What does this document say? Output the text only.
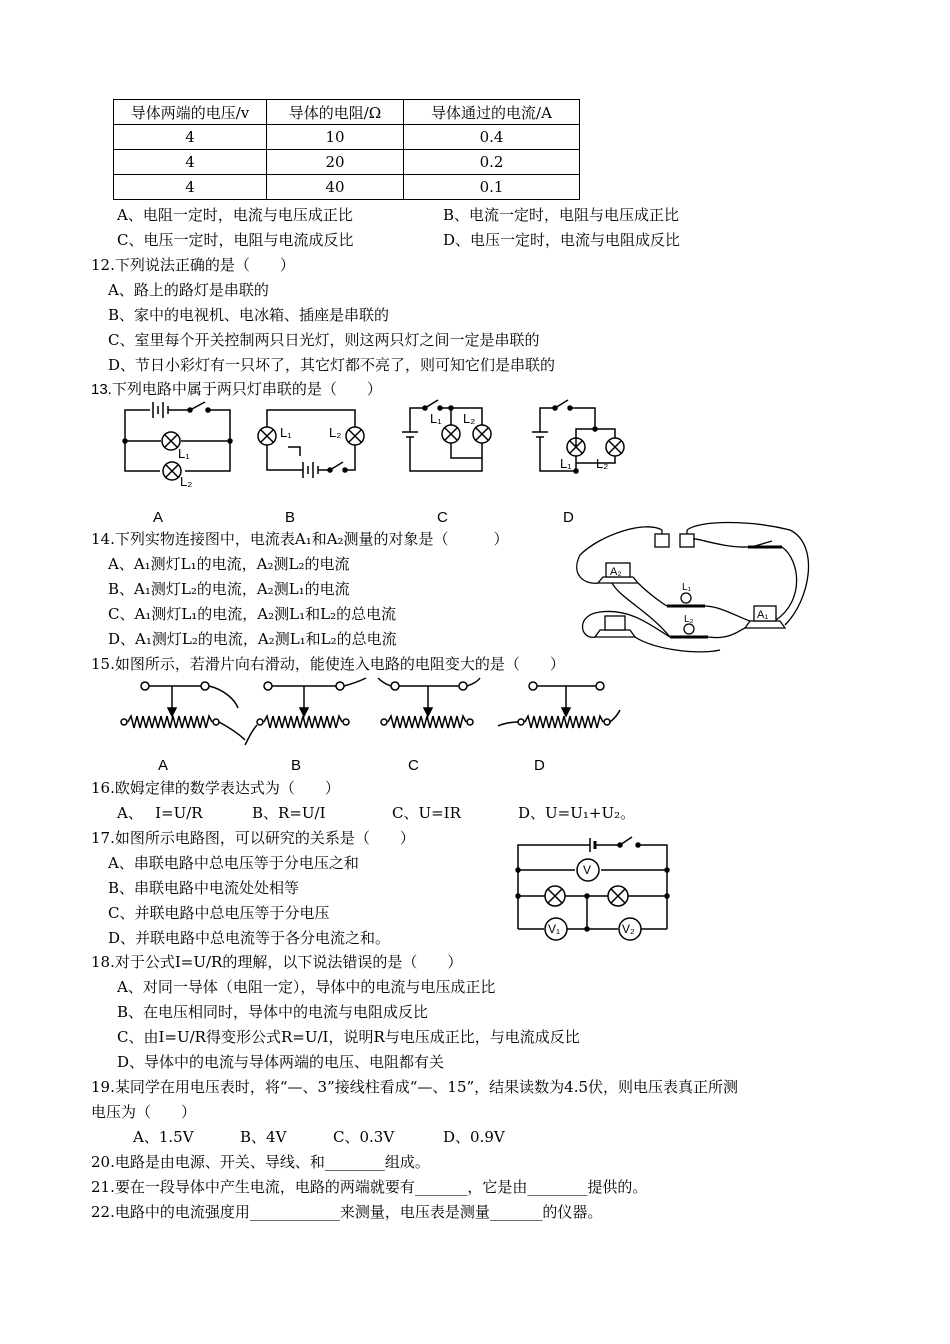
导体两端的电压/v	导体的电阻/Ω	导体通过的电流/A
4	10	0.4
4	20	0.2
4	40	0.1
A、电阻一定时，电流与电压成正比	B、电流一定时，电阻与电压成正比
C、电压一定时，电阻与电流成反比	D、电压一定时，电流与电阻成反比
12.下列说法正确的是（　　）
A、路上的路灯是串联的
B、家中的电视机、电冰箱、插座是串联的
C、室里每个开关控制两只日光灯，则这两只灯之间一定是串联的
D、节日小彩灯有一只坏了，其它灯都不亮了，则可知它们是串联的
13.下列电路中属于两只灯串联的是（　　）
L₁
L₂
L₁	L₂
L₁ L₂
L₁ L₂
A	B	C	D
14.下列实物连接图中，电流表A₁和A₂测量的对象是（　　　）
A、A₁测灯L₁的电流，A₂测L₂的电流
B、A₁测灯L₂的电流，A₂测L₁的电流
C、A₁测灯L₁的电流，A₂测L₁和L₂的总电流
D、A₁测灯L₂的电流，A₂测L₁和L₂的总电流
A₂
A₁
L₁
L₂
15.如图所示，若滑片向右滑动，能使连入电路的电阻变大的是（　　）
A	B	C	D
16.欧姆定律的数学表达式为（　　）
A、　 I=U/R	B、R=U/I	C、U=IR	D、U=U₁+U₂。
17.如图所示电路图，可以研究的关系是（　　）
A、串联电路中总电压等于分电压之和
B、串联电路中电流处处相等
C、并联电路中总电压等于分电压
D、并联电路中总电流等于各分电流之和。
V
V₁	V₂
18.对于公式I=U/R的理解，以下说法错误的是（　　）
A、对同一导体（电阻一定），导体中的电流与电压成正比
B、在电压相同时，导体中的电流与电阻成反比
C、由I=U/R得变形公式R=U/I，说明R与电压成正比，与电流成反比
D、导体中的电流与导体两端的电压、电阻都有关
19.某同学在用电压表时，将“—、3”接线柱看成“—、15”，结果读数为4.5伏，则电压表真正所测
电压为（　　）
A、1.5V	B、4V	C、0.3V	D、0.9V
20.电路是由电源、开关、导线、和________组成。
21.要在一段导体中产生电流，电路的两端就要有_______，它是由________提供的。
22.电路中的电流强度用____________来测量，电压表是测量_______的仪器。
